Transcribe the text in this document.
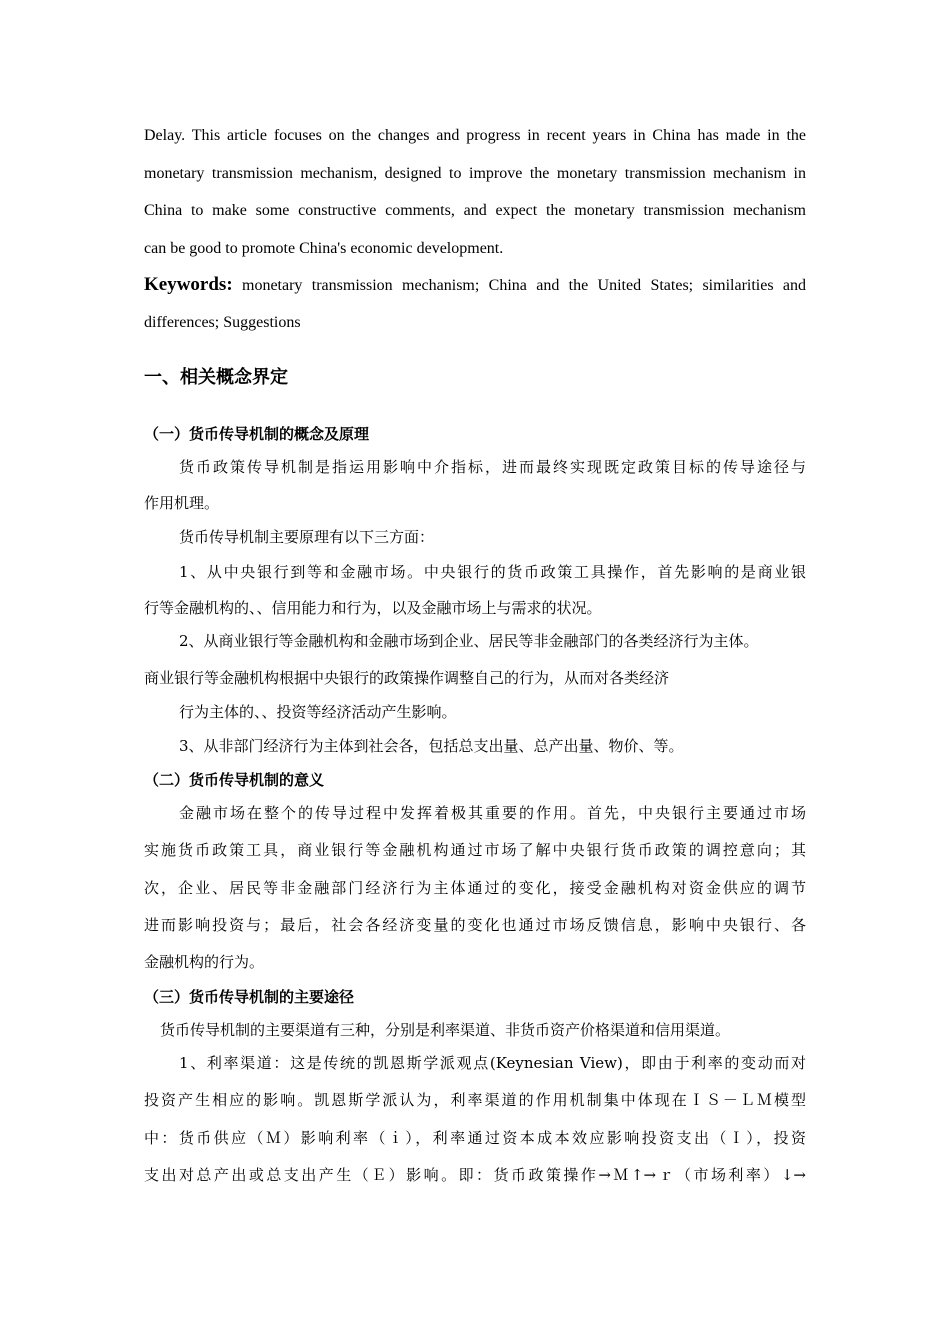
Delay. This article focuses on the changes and progress in recent years in China has made in the
monetary transmission mechanism, designed to improve the monetary transmission mechanism in
China to make some constructive comments, and expect the monetary transmission mechanism
can be good to promote China's economic development.
Keywords: monetary transmission mechanism; China and the United States; similarities and
differences; Suggestions
一、相关概念界定
（一）货币传导机制的概念及原理
货币政策传导机制是指运用影响中介指标，进而最终实现既定政策目标的传导途径与
作用机理。
货币传导机制主要原理有以下三方面：
1、从中央银行到等和金融市场。中央银行的货币政策工具操作，首先影响的是商业银
行等金融机构的、、信用能力和行为，以及金融市场上与需求的状况。
2、从商业银行等金融机构和金融市场到企业、居民等非金融部门的各类经济行为主体。
商业银行等金融机构根据中央银行的政策操作调整自己的行为，从而对各类经济
行为主体的、、投资等经济活动产生影响。
3、从非部门经济行为主体到社会各，包括总支出量、总产出量、物价、等。
（二）货币传导机制的意义
金融市场在整个的传导过程中发挥着极其重要的作用。首先，中央银行主要通过市场
实施货币政策工具，商业银行等金融机构通过市场了解中央银行货币政策的调控意向；其
次，企业、居民等非金融部门经济行为主体通过的变化，接受金融机构对资金供应的调节
进而影响投资与；最后，社会各经济变量的变化也通过市场反馈信息，影响中央银行、各
金融机构的行为。
（三）货币传导机制的主要途径
货币传导机制的主要渠道有三种，分别是利率渠道、非货币资产价格渠道和信用渠道。
1、利率渠道：这是传统的凯恩斯学派观点(Keynesian View)，即由于利率的变动而对
投资产生相应的影响。凯恩斯学派认为，利率渠道的作用机制集中体现在ＩＳ－ＬＭ模型
中：货币供应（Ｍ）影响利率（ｉ），利率通过资本成本效应影响投资支出（Ｉ），投资
支出对总产出或总支出产生（Ｅ）影响。即：货币政策操作→Ｍ↑→ｒ（市场利率）↓→
